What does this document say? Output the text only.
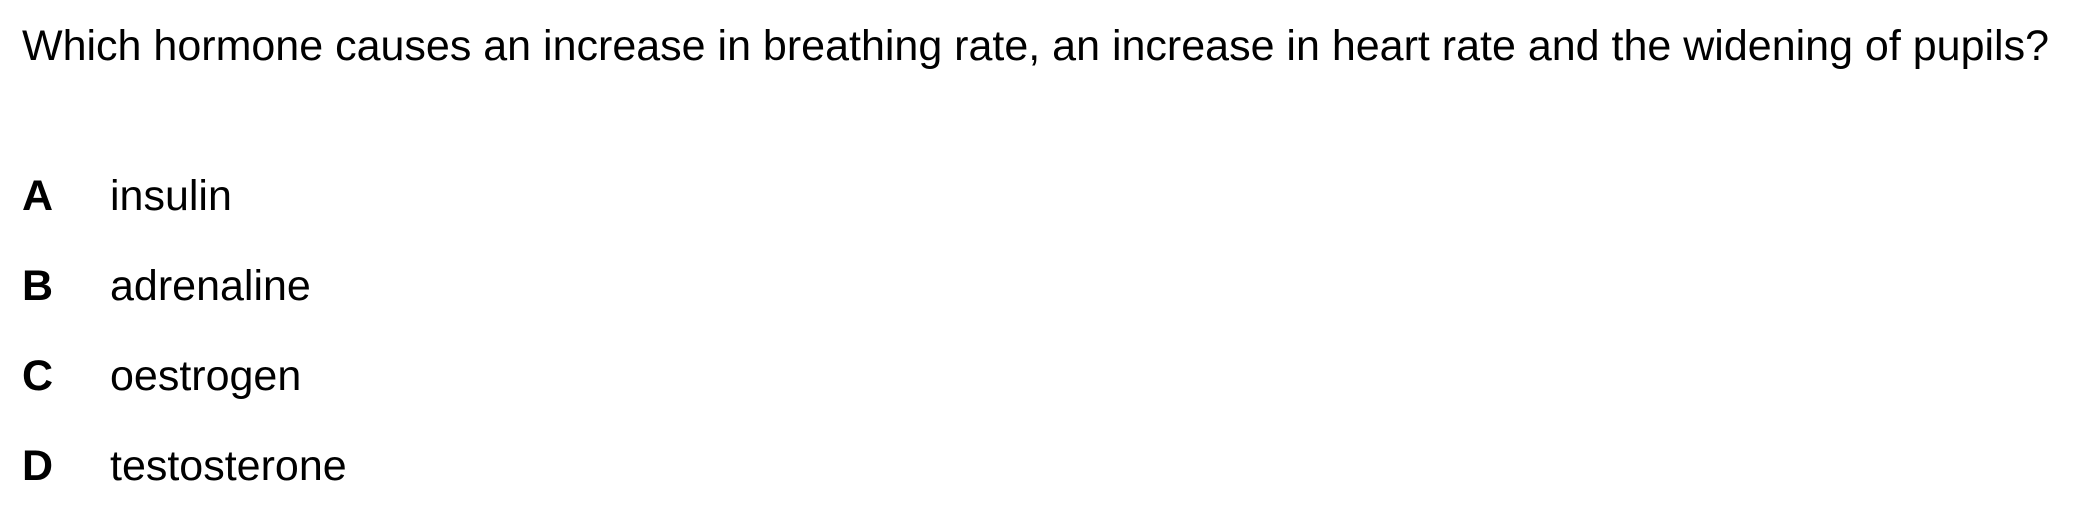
Which hormone causes an increase in breathing rate, an increase in heart rate and the widening of pupils?

A	insulin
B	adrenaline
C	oestrogen
D	testosterone
